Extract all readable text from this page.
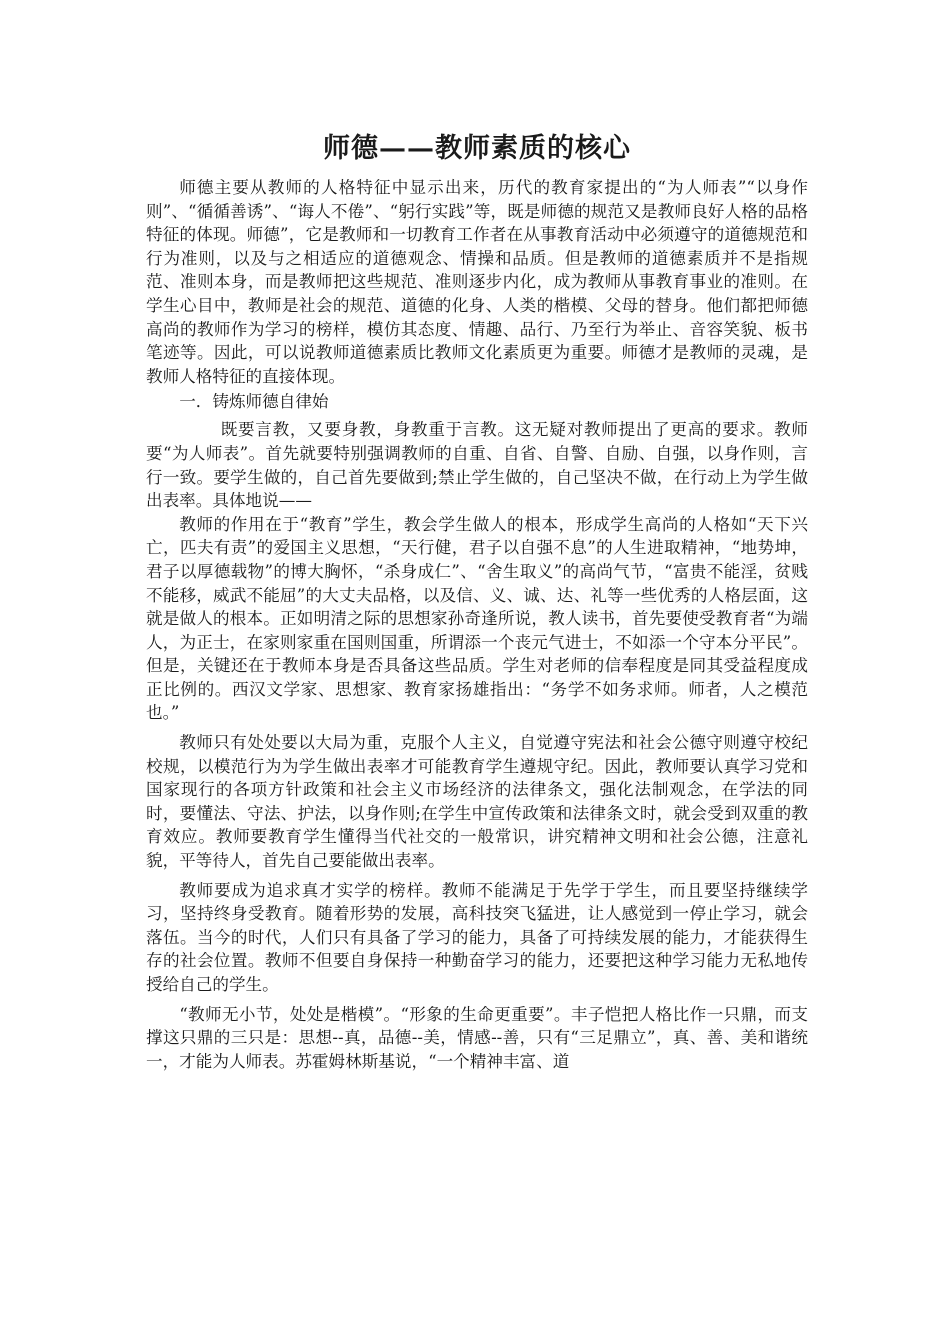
师德——教师素质的核心

师德主要从教师的人格特征中显示出来，历代的教育家提出的“为人师表”“以身作则”、“循循善诱”、“诲人不倦”、“躬行实践”等，既是师德的规范又是教师良好人格的品格特征的体现。师德”，它是教师和一切教育工作者在从事教育活动中必须遵守的道德规范和行为准则，以及与之相适应的道德观念、情操和品质。但是教师的道德素质并不是指规范、准则本身，而是教师把这些规范、准则逐步内化，成为教师从事教育事业的准则。在学生心目中，教师是社会的规范、道德的化身、人类的楷模、父母的替身。他们都把师德高尚的教师作为学习的榜样，模仿其态度、情趣、品行、乃至行为举止、音容笑貌、板书笔迹等。因此，可以说教师道德素质比教师文化素质更为重要。师德才是教师的灵魂，是教师人格特征的直接体现。

一．铸炼师德自律始

既要言教，又要身教，身教重于言教。这无疑对教师提出了更高的要求。教师要“为人师表”。首先就要特别强调教师的自重、自省、自警、自励、自强，以身作则，言行一致。要学生做的，自己首先要做到;禁止学生做的，自己坚决不做，在行动上为学生做出表率。具体地说——

教师的作用在于“教育”学生，教会学生做人的根本，形成学生高尚的人格如“天下兴亡，匹夫有责”的爱国主义思想，“天行健，君子以自强不息”的人生进取精神，“地势坤，君子以厚德载物”的博大胸怀，“杀身成仁”、“舍生取义”的高尚气节，“富贵不能淫，贫贱不能移，威武不能屈”的大丈夫品格，以及信、义、诚、达、礼等一些优秀的人格层面，这就是做人的根本。正如明清之际的思想家孙奇逢所说，教人读书，首先要使受教育者“为端人，为正士，在家则家重在国则国重，所谓添一个丧元气进士，不如添一个守本分平民”。但是，关键还在于教师本身是否具备这些品质。学生对老师的信奉程度是同其受益程度成正比例的。西汉文学家、思想家、教育家扬雄指出：“务学不如务求师。师者，人之模范也。”

教师只有处处要以大局为重，克服个人主义，自觉遵守宪法和社会公德守则遵守校纪校规，以模范行为为学生做出表率才可能教育学生遵规守纪。因此，教师要认真学习党和国家现行的各项方针政策和社会主义市场经济的法律条文，强化法制观念，在学法的同时，要懂法、守法、护法，以身作则;在学生中宣传政策和法律条文时，就会受到双重的教育效应。教师要教育学生懂得当代社交的一般常识，讲究精神文明和社会公德，注意礼貌，平等待人，首先自己要能做出表率。

教师要成为追求真才实学的榜样。教师不能满足于先学于学生，而且要坚持继续学习，坚持终身受教育。随着形势的发展，高科技突飞猛进，让人感觉到一停止学习，就会落伍。当今的时代，人们只有具备了学习的能力，具备了可持续发展的能力，才能获得生存的社会位置。教师不但要自身保持一种勤奋学习的能力，还要把这种学习能力无私地传授给自己的学生。

“教师无小节，处处是楷模”。“形象的生命更重要”。丰子恺把人格比作一只鼎，而支撑这只鼎的三只是：思想--真，品德--美，情感--善，只有“三足鼎立”，真、善、美和谐统一，才能为人师表。苏霍姆林斯基说，“一个精神丰富、道
